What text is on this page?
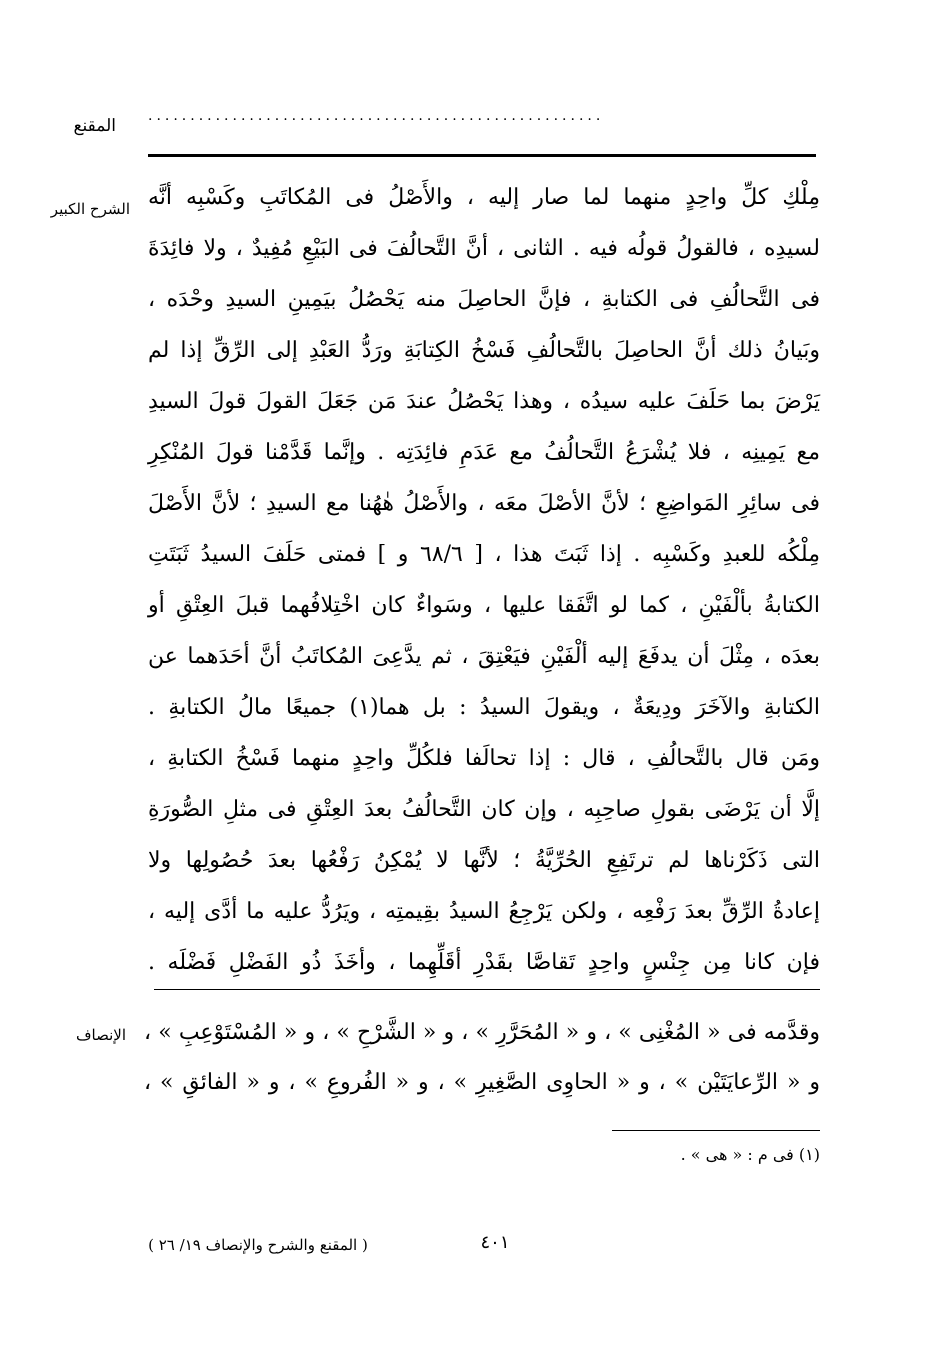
المقنع ......................................................
الشرح الكبير
الإنصاف
مِلْكِ كلِّ واحِدٍ منهما لما صار إليه ، والأَصْلُ فى المُكاتَبِ وكَسْبِه أنَّه
لسيدِه ، فالقولُ قولُه فيه . الثانى ، أنَّ التَّحالُفَ فى البَيْعِ مُفِيدٌ ، ولا فائِدَةَ
فى التَّحالُفِ فى الكتابةِ ، فإنَّ الحاصِلَ منه يَحْصُلُ بيَمِينِ السيدِ وحْدَه ،
وبَيانُ ذلك أنَّ الحاصِلَ بالتَّحالُفِ فَسْخُ الكِتابَةِ ورَدُّ العَبْدِ إلى الرِّقِّ إذا لم
يَرْضَ بما حَلَفَ عليه سيدُه ، وهذا يَحْصُلُ عندَ مَن جَعَلَ القولَ قولَ السيدِ
مع يَمِينِه ، فلا يُشْرَعُ التَّحالُفُ مع عَدَمِ فائِدَتِه . وإنَّما قَدَّمْنا قولَ المُنْكِرِ
فى سائِرِ المَواضِعِ ؛ لأنَّ الأصْلَ معَه ، والأَصْلُ هٰهُنا مع السيدِ ؛ لأنَّ الأَصْلَ
مِلْكُه للعبدِ وكَسْبِه . إذا ثَبَتَ هذا ، [ ٦٨/٦ و ] فمتى حَلَفَ السيدُ ثَبَتَتِ
الكتابةُ بألْفَيْنِ ، كما لو اتَّفَقا عليها ، وسَواءٌ كان اخْتِلافُهما قبلَ العِتْقِ أو
بعدَه ، مِثْلَ أن يدفَعَ إليه ألْفَيْنِ فيَعْتِقَ ، ثم يدَّعِىَ المُكاتَبُ أنَّ أحَدَهما عن
الكتابةِ والآخَرَ ودِيعَةٌ ، ويقولَ السيدُ : بل هما(١) جميعًا مالُ الكتابةِ .
ومَن قال بالتَّحالُفِ ، قال : إذا تحالَفا فلكُلِّ واحِدٍ منهما فَسْخُ الكتابةِ ،
إلَّا أن يَرْضَى بقولِ صاحِبِه ، وإن كان التَّحالُفُ بعدَ العِتْقِ فى مثلِ الصُّورَةِ
التى ذَكَرْناها لم ترتَفِعِ الحُرِّيَّةُ ؛ لأنَّها لا يُمْكِنُ رَفْعُها بعدَ حُصُولِها ولا
إعادةُ الرِّقِّ بعدَ رَفْعِه ، ولكن يَرْجِعُ السيدُ بقِيمتِه ، ويَرُدُّ عليه ما أدَّى إليه ،
فإن كانا مِن جِنْسٍ واحِدٍ تَقاصَّا بقَدْرِ أقَلِّهِما ، وأخَذَ ذُو الفَضْلِ فَضْلَه .
وقدَّمه فى « المُغْنِى » ، و « المُحَرَّرِ » ، و « الشَّرْحِ » ، و « المُسْتَوْعِبِ » ،
و « الرِّعايَتَيْن » ، و « الحاوِى الصَّغِيرِ » ، و « الفُروعِ » ، و « الفائقِ » ،
(١) فى م : « هى » .
٤٠١
( المقنع والشرح والإنصاف ١٩/ ٢٦ )
